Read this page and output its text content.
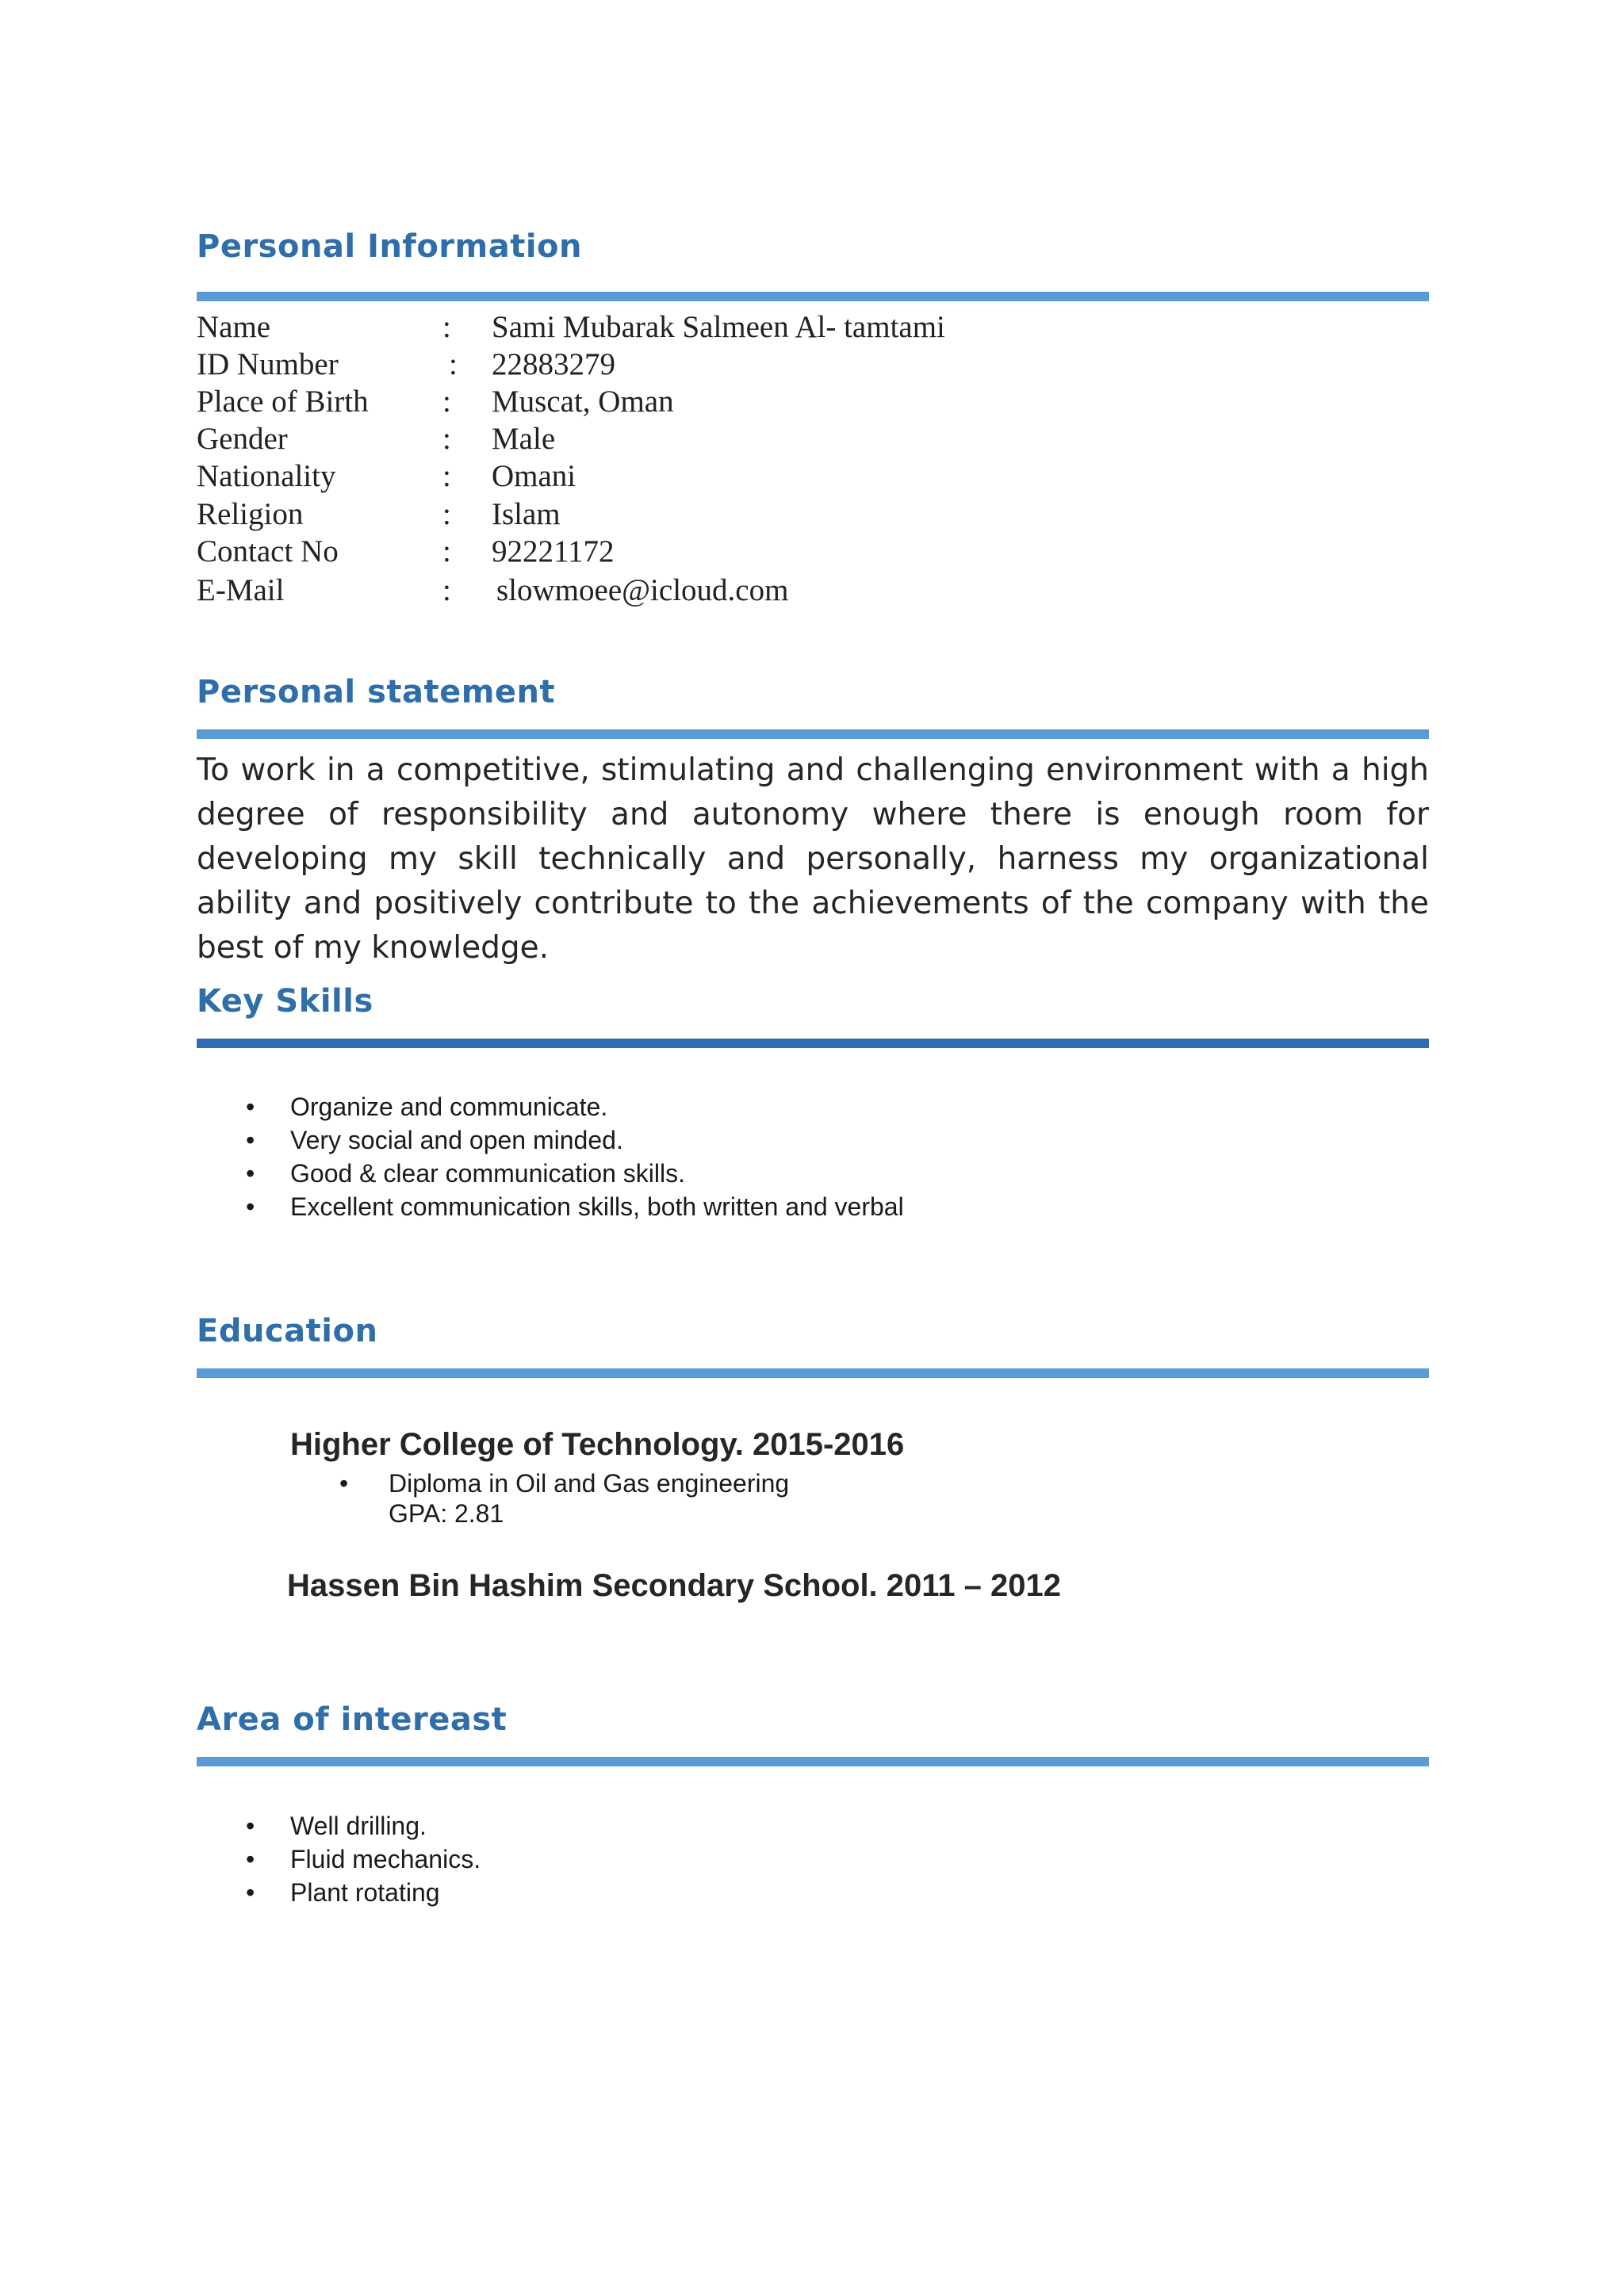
Personal Information
Name	: Sami Mubarak Salmeen Al- tamtami
ID Number	: 22883279
Place of Birth : Muscat, Oman
Gender	: Male
Nationality	: Omani
Religion	: Islam
Contact No	: 92221172
E-Mail	: slowmoee@icloud.com
Personal statement

To work in a competitive, stimulating and challenging environment with a high degree of responsibility and autonomy where there is enough room for developing my skill technically and personally, harness my organizational ability and positively contribute to the achievements of the company with the best of my knowledge.

Key Skills
• Organize and communicate.
• Very social and open minded.
• Good & clear communication skills.
• Excellent communication skills, both written and verbal
Education
Higher College of Technology. 2015-2016
• Diploma in Oil and Gas engineering
GPA: 2.81
Hassen Bin Hashim Secondary School. 2011 – 2012
Area of intereast
• Well drilling.
• Fluid mechanics.
• Plant rotating
